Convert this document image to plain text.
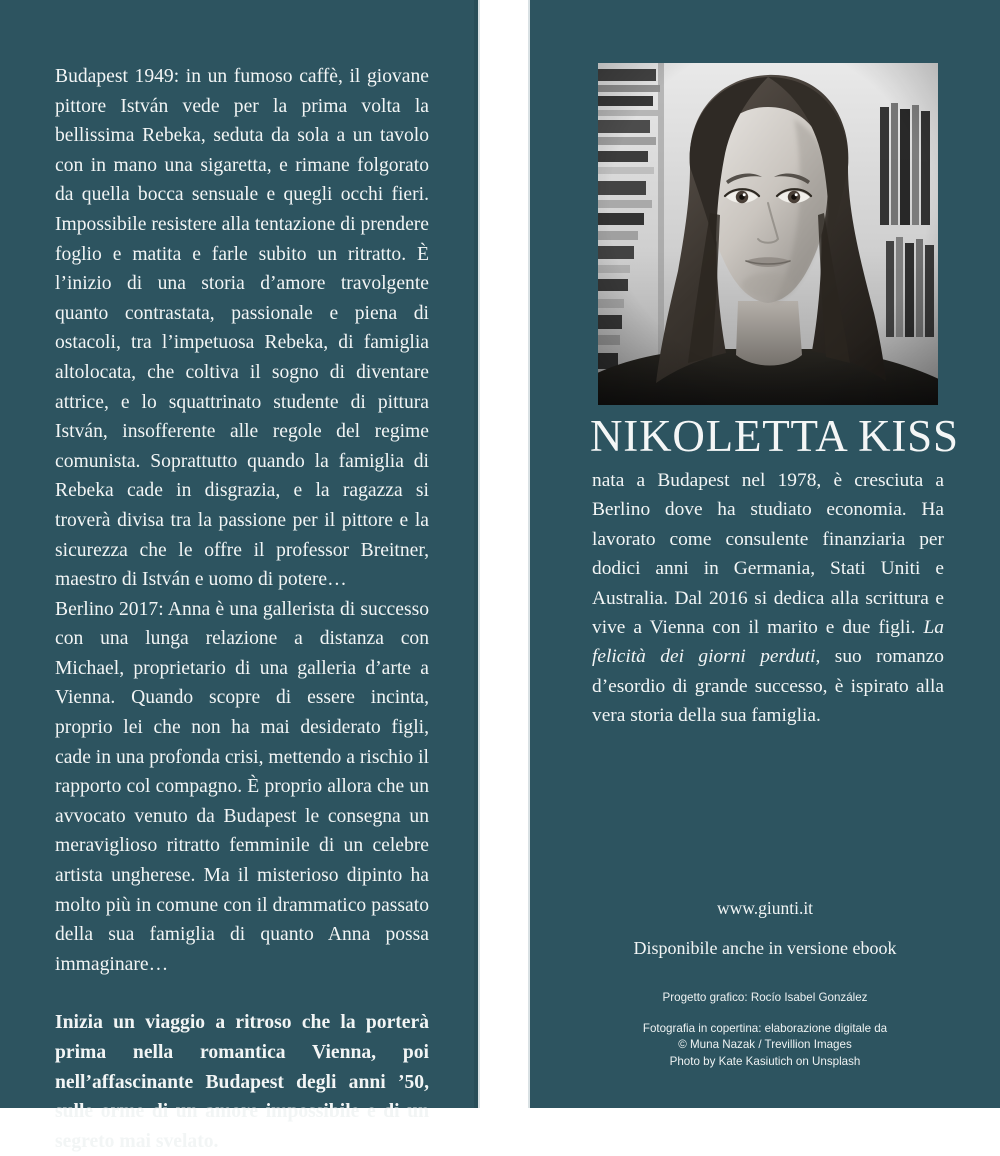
Budapest 1949: in un fumoso caffè, il giovane pittore István vede per la prima volta la bellissima Rebeka, seduta da sola a un tavolo con in mano una sigaretta, e rimane folgorato da quella bocca sensuale e quegli occhi fieri. Impossibile resistere alla tentazione di prendere foglio e matita e farle subito un ritratto. È l’inizio di una storia d’amore travolgente quanto contrastata, passionale e piena di ostacoli, tra l’impetuosa Rebeka, di famiglia altolocata, che coltiva il sogno di diventare attrice, e lo squattrinato studente di pittura István, insofferente alle regole del regime comunista. Soprattutto quando la famiglia di Rebeka cade in disgrazia, e la ragazza si troverà divisa tra la passione per il pittore e la sicurezza che le offre il professor Breitner, maestro di István e uomo di potere…

Berlino 2017: Anna è una gallerista di successo con una lunga relazione a distanza con Michael, proprietario di una galleria d’arte a Vienna. Quando scopre di essere incinta, proprio lei che non ha mai desiderato figli, cade in una profonda crisi, mettendo a rischio il rapporto col compagno. È proprio allora che un avvocato venuto da Budapest le consegna un meraviglioso ritratto femminile di un celebre artista ungherese. Ma il misterioso dipinto ha molto più in comune con il drammatico passato della sua famiglia di quanto Anna possa immaginare…

Inizia un viaggio a ritroso che la porterà prima nella romantica Vienna, poi nell’affascinante Budapest degli anni ’50, sulle orme di un amore impossibile e di un segreto mai svelato.

NIKOLETTA KISS

nata a Budapest nel 1978, è cresciuta a Berlino dove ha studiato economia. Ha lavorato come consulente finanziaria per dodici anni in Germania, Stati Uniti e Australia. Dal 2016 si dedica alla scrittura e vive a Vienna con il marito e due figli. La felicità dei giorni perduti, suo romanzo d’esordio di grande successo, è ispirato alla vera storia della sua famiglia.

www.giunti.it
Disponibile anche in versione ebook

Progetto grafico: Rocío Isabel González

Fotografia in copertina: elaborazione digitale da

© Muna Nazak / Trevillion Images

Photo by Kate Kasiutich on Unsplash
